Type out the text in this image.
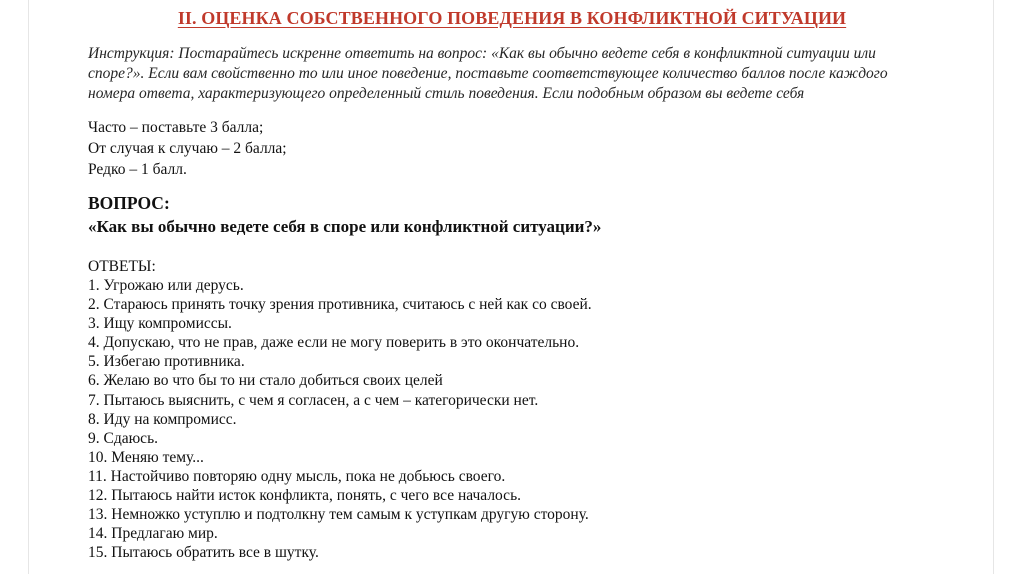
II. ОЦЕНКА СОБСТВЕННОГО ПОВЕДЕНИЯ В КОНФЛИКТНОЙ СИТУАЦИИ
Инструкция: Постарайтесь искренне ответить на вопрос: «Как вы обычно ведете себя в конфликтной ситуации или
споре?». Если вам свойственно то или иное поведение, поставьте соответствующее количество баллов после каждого
номера ответа, характеризующего определенный стиль поведения. Если подобным образом вы ведете себя
Часто – поставьте 3 балла;
От случая к случаю – 2 балла;
Редко – 1 балл.
ВОПРОС:
«Как вы обычно ведете себя в споре или конфликтной ситуации?»
ОТВЕТЫ:
1. Угрожаю или дерусь.
2. Стараюсь принять точку зрения противника, считаюсь с ней как со своей.
3. Ищу компромиссы.
4. Допускаю, что не прав, даже если не могу поверить в это окончательно.
5. Избегаю противника.
6. Желаю во что бы то ни стало добиться своих целей
7. Пытаюсь выяснить, с чем я согласен, а с чем – категорически нет.
8. Иду на компромисс.
9. Сдаюсь.
10. Меняю тему...
11. Настойчиво повторяю одну мысль, пока не добьюсь своего.
12. Пытаюсь найти исток конфликта, понять, с чего все началось.
13. Немножко уступлю и подтолкну тем самым к уступкам другую сторону.
14. Предлагаю мир.
15. Пытаюсь обратить все в шутку.
